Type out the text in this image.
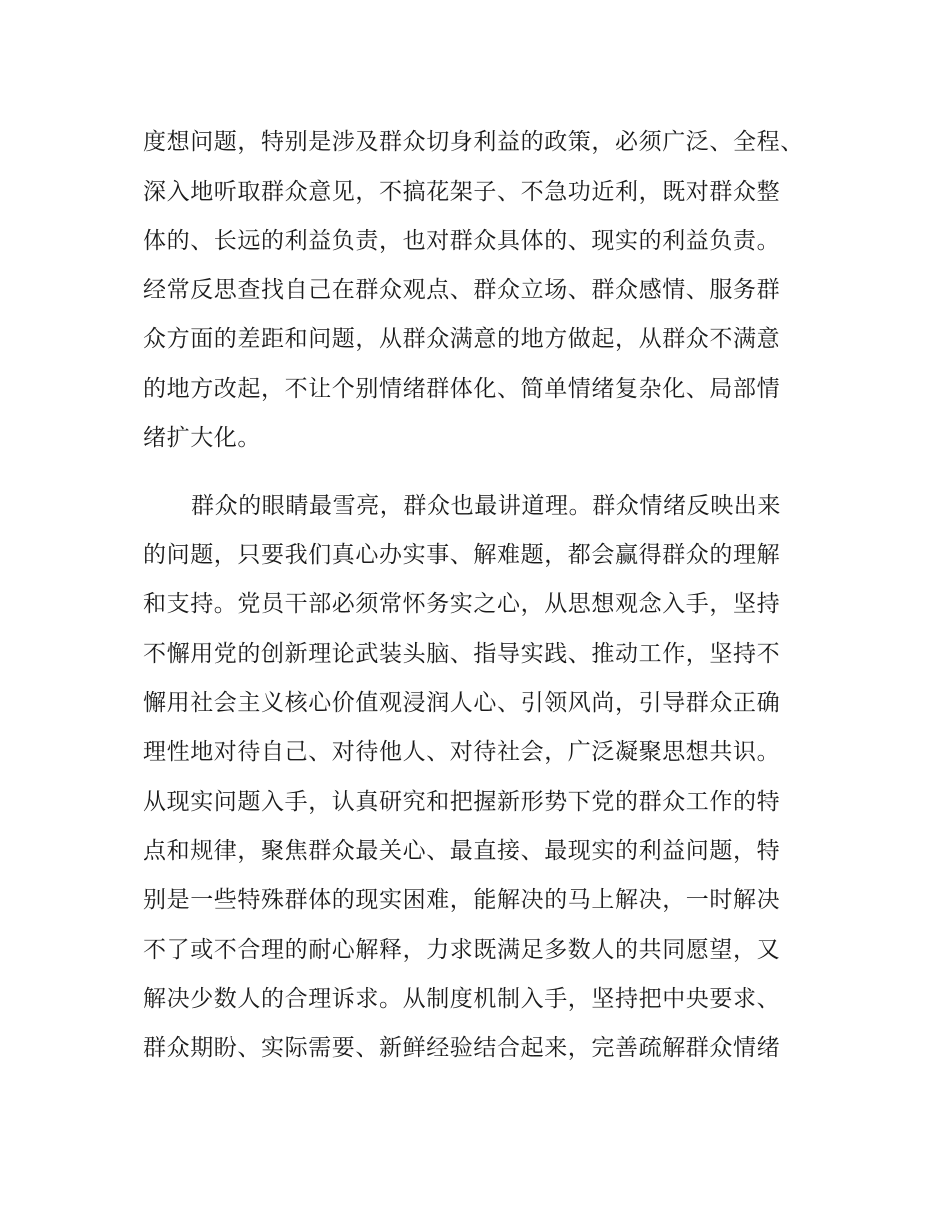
度想问题，特别是涉及群众切身利益的政策，必须广泛、全程、
深入地听取群众意见，不搞花架子、不急功近利，既对群众整
体的、长远的利益负责，也对群众具体的、现实的利益负责。
经常反思查找自己在群众观点、群众立场、群众感情、服务群
众方面的差距和问题，从群众满意的地方做起，从群众不满意
的地方改起，不让个别情绪群体化、简单情绪复杂化、局部情
绪扩大化。
群众的眼睛最雪亮，群众也最讲道理。群众情绪反映出来
的问题，只要我们真心办实事、解难题，都会赢得群众的理解
和支持。党员干部必须常怀务实之心，从思想观念入手，坚持
不懈用党的创新理论武装头脑、指导实践、推动工作，坚持不
懈用社会主义核心价值观浸润人心、引领风尚，引导群众正确
理性地对待自己、对待他人、对待社会，广泛凝聚思想共识。
从现实问题入手，认真研究和把握新形势下党的群众工作的特
点和规律，聚焦群众最关心、最直接、最现实的利益问题，特
别是一些特殊群体的现实困难，能解决的马上解决，一时解决
不了或不合理的耐心解释，力求既满足多数人的共同愿望，又
解决少数人的合理诉求。从制度机制入手，坚持把中央要求、
群众期盼、实际需要、新鲜经验结合起来，完善疏解群众情绪
